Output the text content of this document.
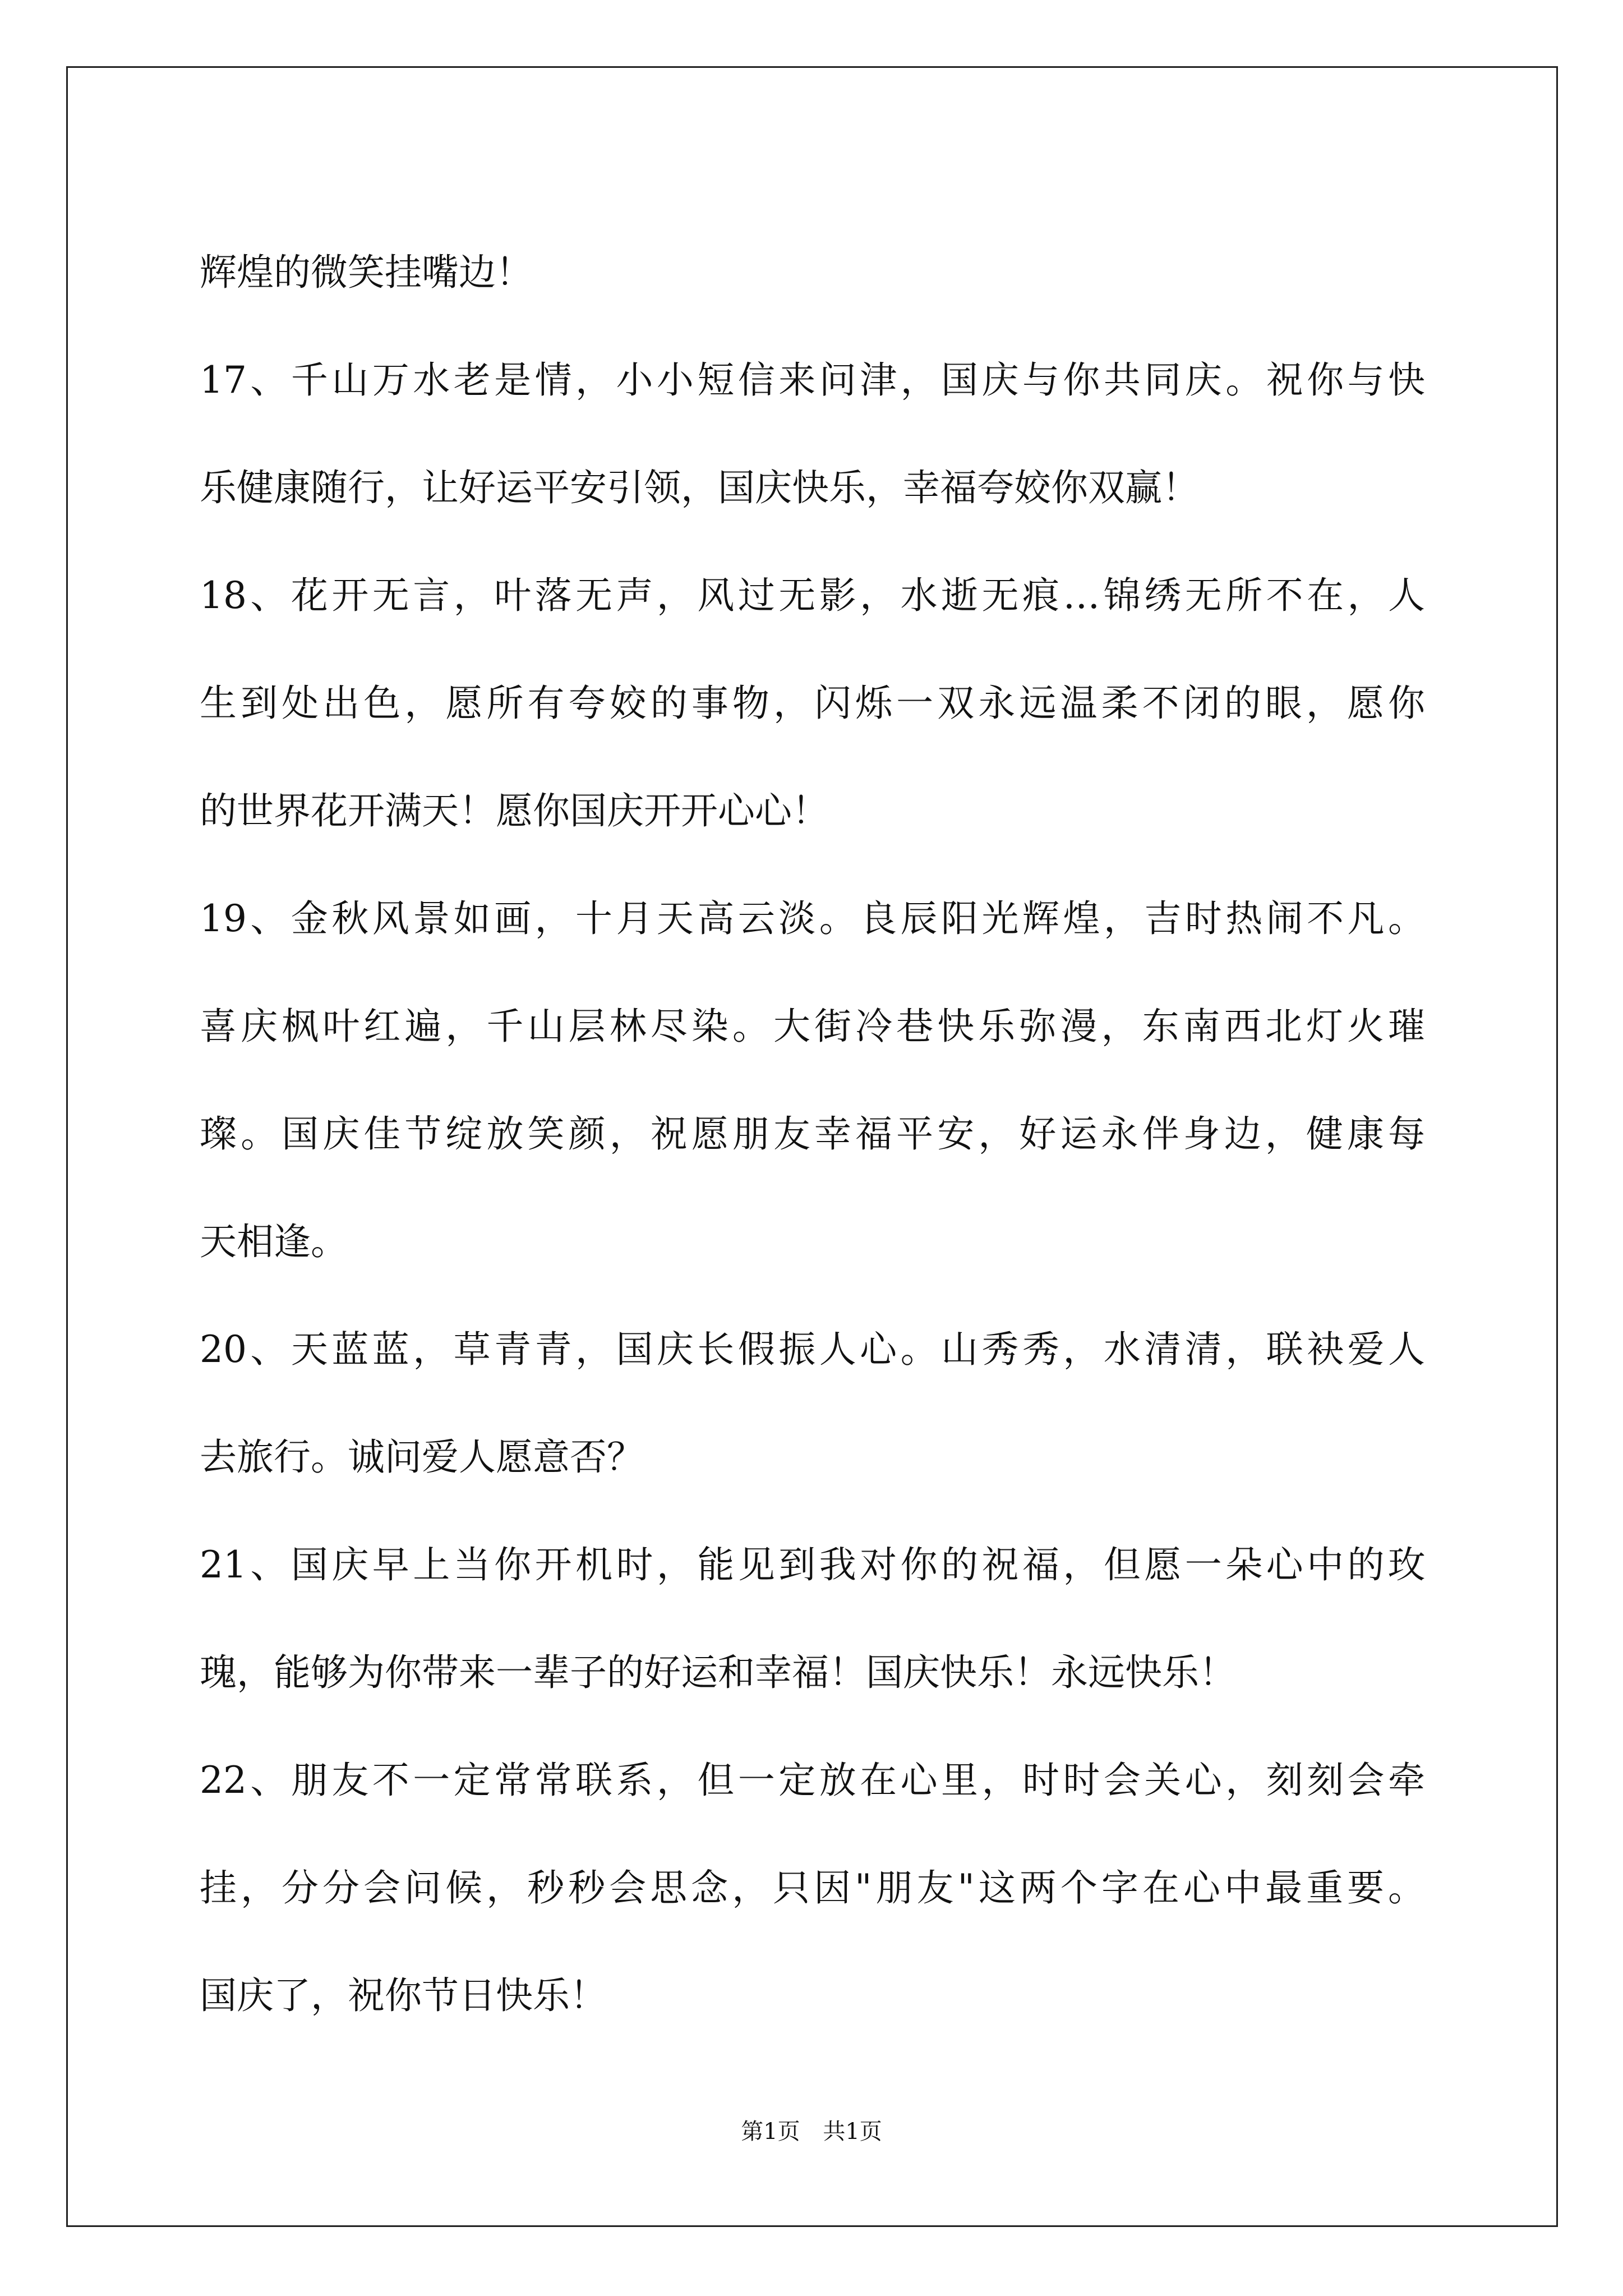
辉煌的微笑挂嘴边！
17、千山万水老是情，小小短信来问津，国庆与你共同庆。祝你与快
乐健康随行，让好运平安引领，国庆快乐，幸福夸姣你双赢！
18、花开无言，叶落无声，风过无影，水逝无痕…锦绣无所不在，人
生到处出色，愿所有夸姣的事物，闪烁一双永远温柔不闭的眼，愿你
的世界花开满天！愿你国庆开开心心！
19、金秋风景如画，十月天高云淡。良辰阳光辉煌，吉时热闹不凡。
喜庆枫叶红遍，千山层林尽染。大街冷巷快乐弥漫，东南西北灯火璀
璨。国庆佳节绽放笑颜，祝愿朋友幸福平安，好运永伴身边，健康每
天相逢。
20、天蓝蓝，草青青，国庆长假振人心。山秀秀，水清清，联袂爱人
去旅行。诚问爱人愿意否？
21、国庆早上当你开机时，能见到我对你的祝福，但愿一朵心中的玫
瑰，能够为你带来一辈子的好运和幸福！国庆快乐！永远快乐！
22、朋友不一定常常联系，但一定放在心里，时时会关心，刻刻会牵
挂，分分会问候，秒秒会思念，只因"朋友"这两个字在心中最重要。
国庆了，祝你节日快乐！
第1页 共1页
